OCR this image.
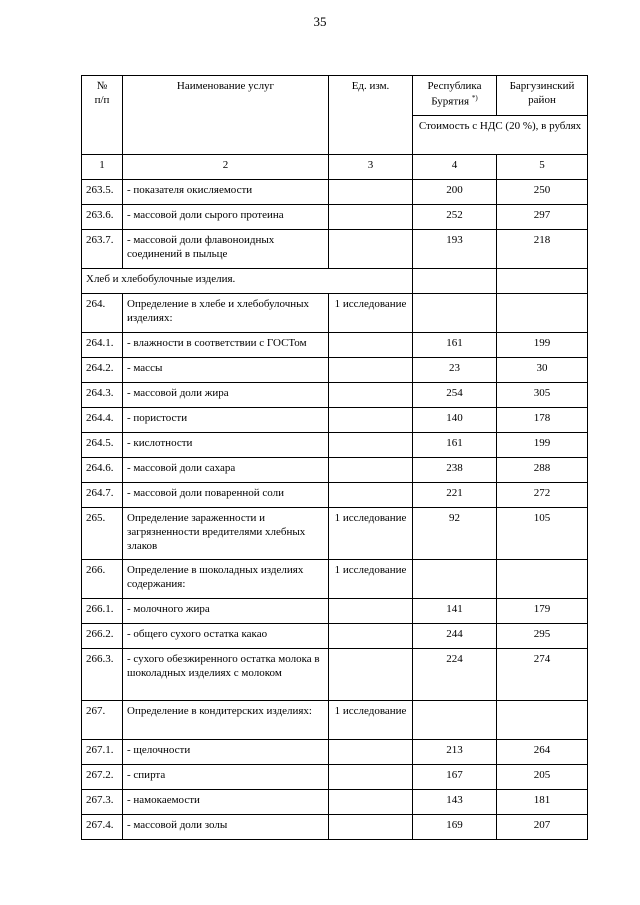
35
№
п/п	Наименование услуг	Ед. изм.	Республика Бурятия *)	Баргузинский район
			Стоимость с НДС (20 %), в рублях	
1	2	3	4	5
263.5.	- показателя окисляемости		200	250
263.6.	- массовой доли сырого протеина		252	297
263.7.	- массовой доли флавоноидных соединений в пыльце		193	218
Хлеб и хлебобулочные изделия.				
264.	Определение в хлебе и хлебобулочных изделиях:	1 исследование		
264.1.	- влажности в соответствии с ГОСТом		161	199
264.2.	- массы		23	30
264.3.	- массовой доли жира		254	305
264.4.	- пористости		140	178
264.5.	- кислотности		161	199
264.6.	- массовой доли сахара		238	288
264.7.	- массовой доли поваренной соли		221	272
265.	Определение зараженности и загрязненности вредителями хлебных злаков	1 исследование	92	105
266.	Определение в шоколадных изделиях содержания:	1 исследование		
266.1.	- молочного жира		141	179
266.2.	- общего сухого остатка какао		244	295
266.3.	- сухого обезжиренного остатка молока в шоколадных изделиях с молоком		224	274
267.	Определение в кондитерских изделиях:	1 исследование		
267.1.	- щелочности		213	264
267.2.	- спирта		167	205
267.3.	- намокаемости		143	181
267.4.	- массовой доли золы		169	207
